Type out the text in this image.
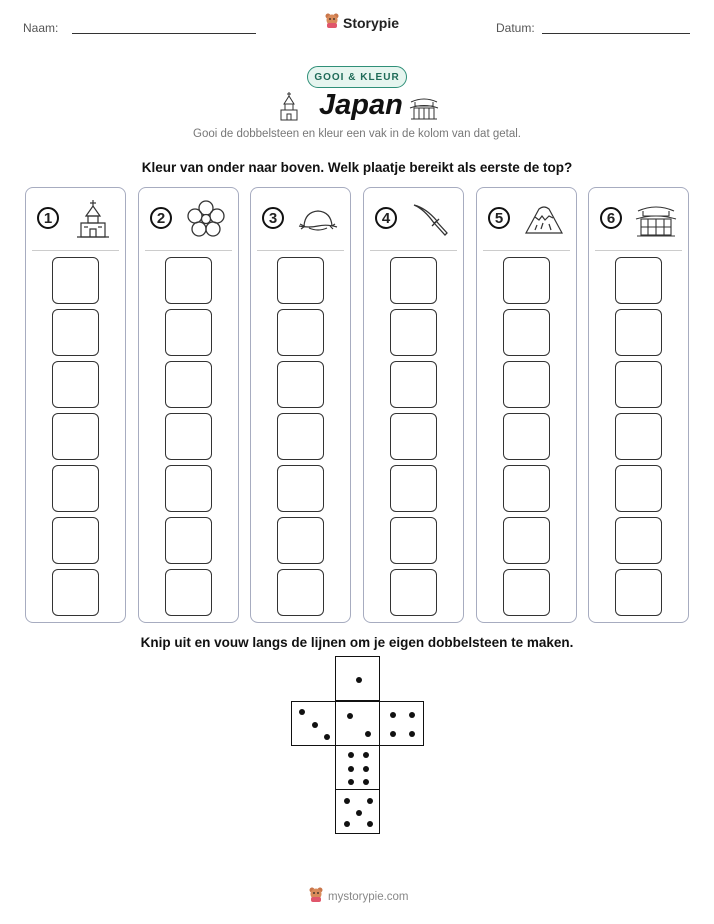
Naam:	Storypie	Datum:
GOOI & KLEUR
Japan
Gooi de dobbelsteen en kleur een vak in de kolom van dat getal.
Kleur van onder naar boven. Welk plaatje bereikt als eerste de top?
1	2	3	4	5	6
Knip uit en vouw langs de lijnen om je eigen dobbelsteen te maken.
mystorypie.com
